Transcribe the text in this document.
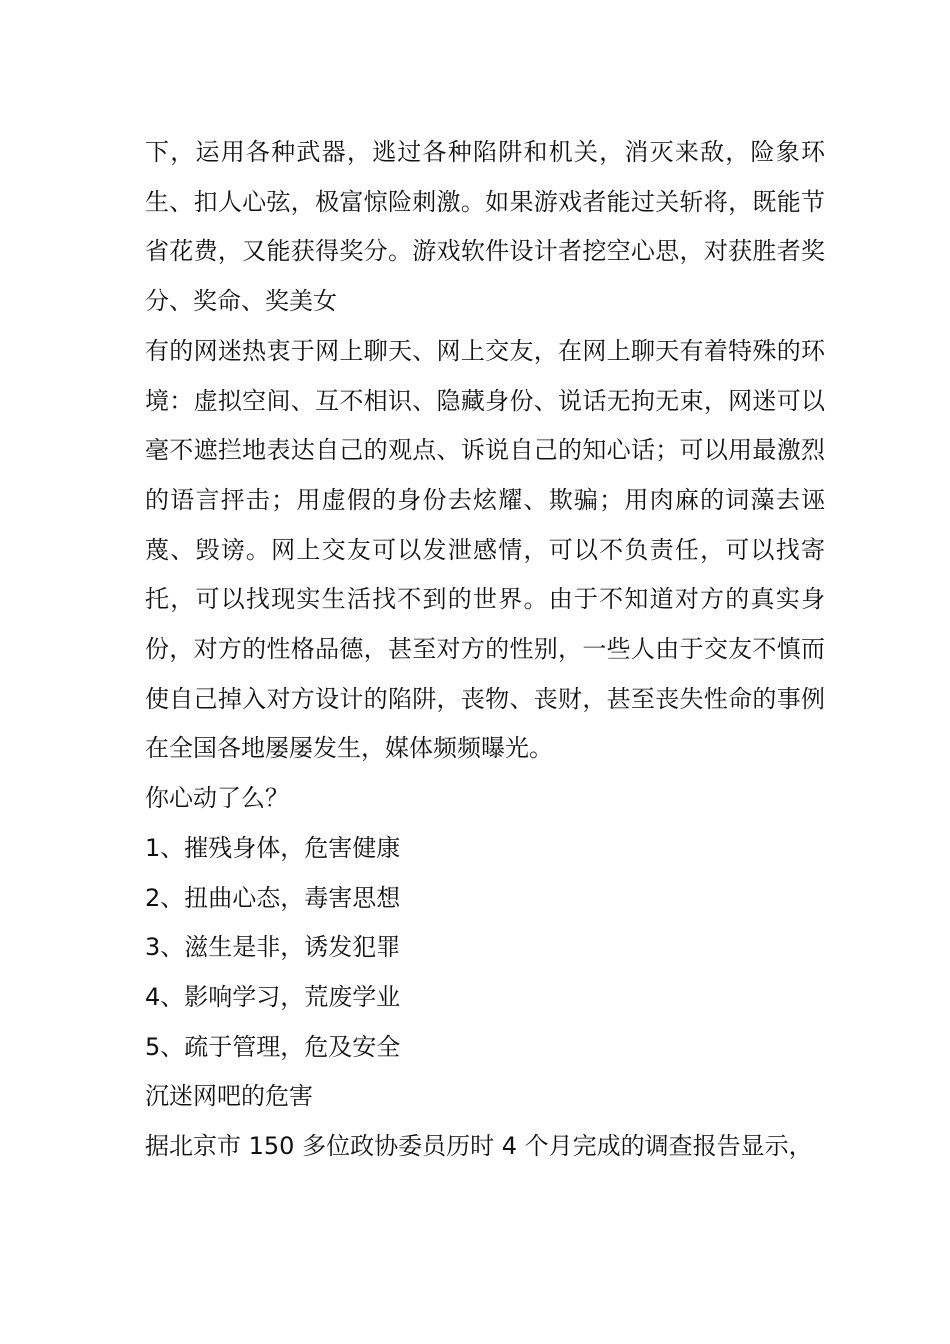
下，运用各种武器，逃过各种陷阱和机关，消灭来敌，险象环生、扣人心弦，极富惊险刺激。如果游戏者能过关斩将，既能节省花费，又能获得奖分。游戏软件设计者挖空心思，对获胜者奖分、奖命、奖美女

有的网迷热衷于网上聊天、网上交友，在网上聊天有着特殊的环境：虚拟空间、互不相识、隐藏身份、说话无拘无束，网迷可以毫不遮拦地表达自己的观点、诉说自己的知心话；可以用最激烈的语言抨击；用虚假的身份去炫耀、欺骗；用肉麻的词藻去诬蔑、毁谤。网上交友可以发泄感情，可以不负责任，可以找寄托，可以找现实生活找不到的世界。由于不知道对方的真实身份，对方的性格品德，甚至对方的性别，一些人由于交友不慎而使自己掉入对方设计的陷阱，丧物、丧财，甚至丧失性命的事例在全国各地屡屡发生，媒体频频曝光。

你心动了么？

1、摧残身体，危害健康

2、扭曲心态，毒害思想

3、滋生是非，诱发犯罪

4、影响学习，荒废学业

5、疏于管理，危及安全

沉迷网吧的危害

据北京市 150 多位政协委员历时 4 个月完成的调查报告显示，
